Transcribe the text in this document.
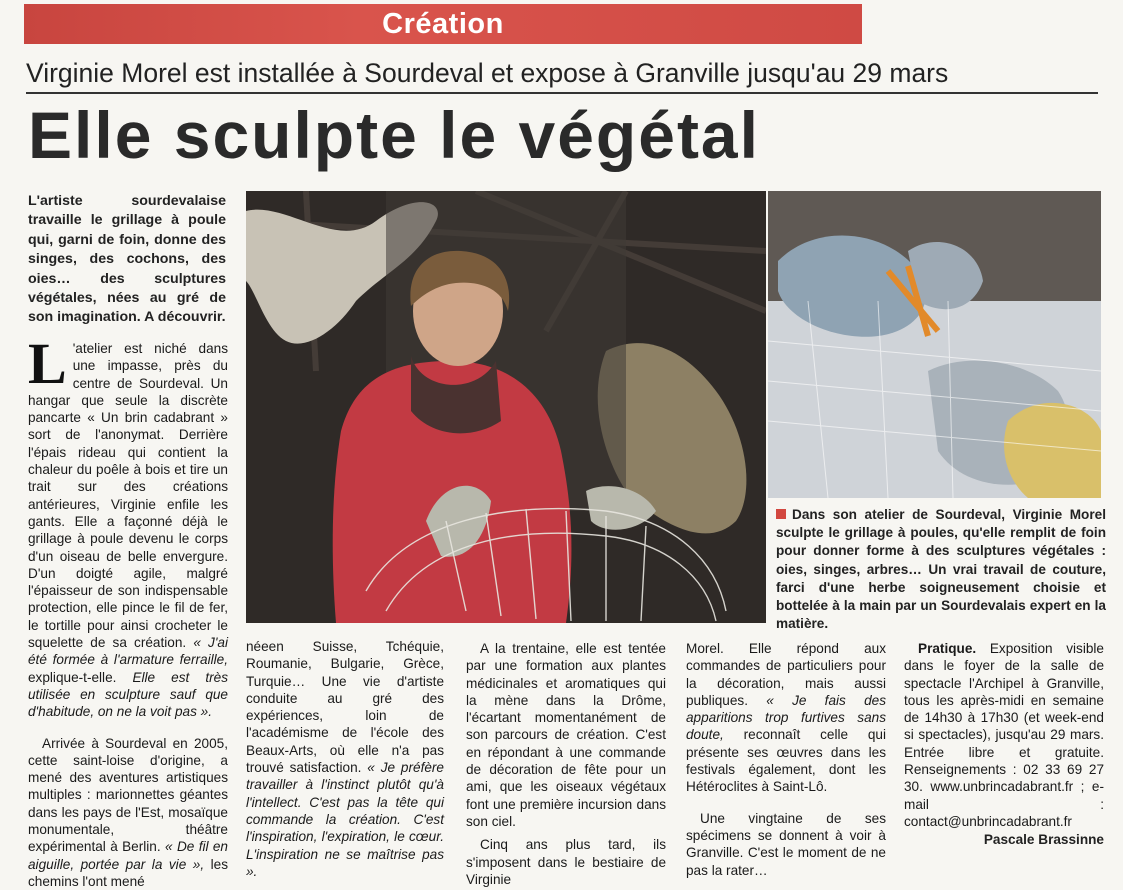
Création
Virginie Morel est installée à Sourdeval et expose à Granville jusqu'au 29 mars
Elle sculpte le végétal
L'artiste sourdevalaise travaille le grillage à poule qui, garni de foin, donne des singes, des cochons, des oies… des sculptures végétales, nées au gré de son imagination. A découvrir.

L 'atelier est niché dans une impasse, près du centre de Sourdeval. Un hangar que seule la discrète pancarte « Un brin cadabrant » sort de l'anonymat. Derrière l'épais rideau qui contient la chaleur du poêle à bois et tire un trait sur des créations antérieures, Virginie enfile les gants. Elle a façonné déjà le grillage à poule devenu le corps d'un oiseau de belle envergure. D'un doigté agile, malgré l'épaisseur de son indispensable protection, elle pince le fil de fer, le tortille pour ainsi crocheter le squelette de sa création. « J'ai été formée à l'armature ferraille, explique-t-elle. Elle est très utilisée en sculpture sauf que d'habitude, on ne la voit pas ».

Arrivée à Sourdeval en 2005, cette saint-loise d'origine, a mené des aventures artistiques multiples : marionnettes géantes dans les pays de l'Est, mosaïque monumentale, théâtre expérimental à Berlin. « De fil en aiguille, portée par la vie », les chemins l'ont mené

Dans son atelier de Sourdeval, Virginie Morel sculpte le grillage à poules, qu'elle remplit de foin pour donner forme à des sculptures végétales : oies, singes, arbres… Un vrai travail de couture, farci d'une herbe soigneusement choisie et bottelée à la main par un Sourdevalais expert en la matière.

néeen Suisse, Tchéquie, Roumanie, Bulgarie, Grèce, Turquie… Une vie d'artiste conduite au gré des expériences, loin de l'académisme de l'école des Beaux-Arts, où elle n'a pas trouvé satisfaction. « Je préfère travailler à l'instinct plutôt qu'à l'intellect. C'est pas la tête qui commande la création. C'est l'inspiration, l'expiration, le cœur. L'inspiration ne se maîtrise pas ».

A la trentaine, elle est tentée par une formation aux plantes médicinales et aromatiques qui la mène dans la Drôme, l'écartant momentanément de son parcours de création. C'est en répondant à une commande de décoration de fête pour un ami, que les oiseaux végétaux font une première incursion dans son ciel.

Cinq ans plus tard, ils s'imposent dans le bestiaire de Virginie

Morel. Elle répond aux commandes de particuliers pour la décoration, mais aussi publiques. « Je fais des apparitions trop furtives sans doute, reconnaît celle qui présente ses œuvres dans les festivals également, dont les Hétéroclites à Saint-Lô.

Une vingtaine de ses spécimens se donnent à voir à Granville. C'est le moment de ne pas la rater…

Pratique. Exposition visible dans le foyer de la salle de spectacle l'Archipel à Granville, tous les après-midi en semaine de 14h30 à 17h30 (et week-end si spectacles), jusqu'au 29 mars. Entrée libre et gratuite. Renseignements : 02 33 69 27 30. www.unbrincadabrant.fr ; e-mail : contact@unbrincadabrant.fr

Pascale Brassinne
